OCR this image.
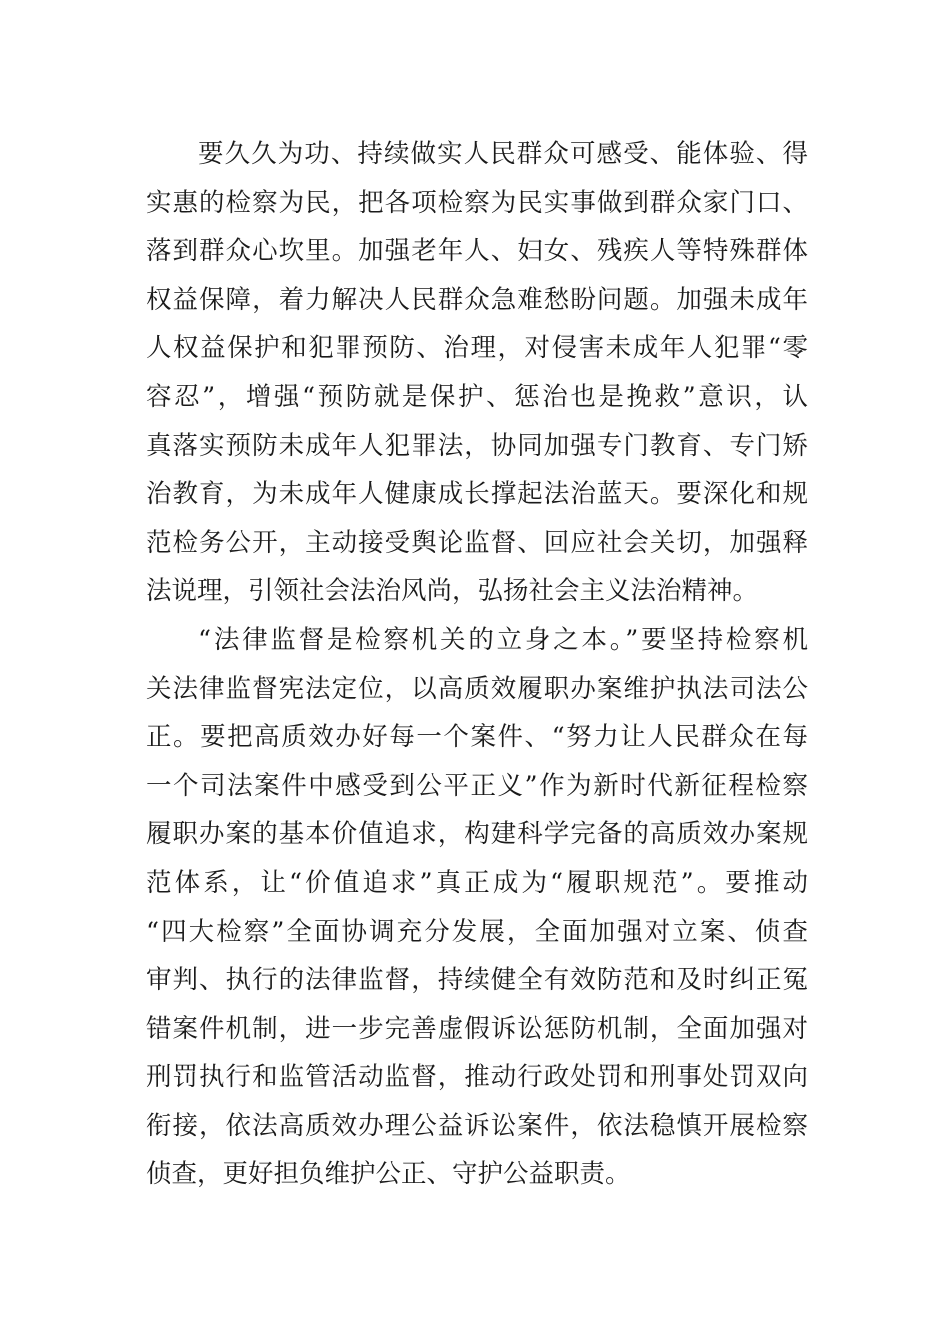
要久久为功、持续做实人民群众可感受、能体验、得
实惠的检察为民，把各项检察为民实事做到群众家门口、
落到群众心坎里。加强老年人、妇女、残疾人等特殊群体
权益保障，着力解决人民群众急难愁盼问题。加强未成年
人权益保护和犯罪预防、治理，对侵害未成年人犯罪“零
容忍”，增强“预防就是保护、惩治也是挽救”意识，认
真落实预防未成年人犯罪法，协同加强专门教育、专门矫
治教育，为未成年人健康成长撑起法治蓝天。要深化和规
范检务公开，主动接受舆论监督、回应社会关切，加强释
法说理，引领社会法治风尚，弘扬社会主义法治精神。
“法律监督是检察机关的立身之本。”要坚持检察机
关法律监督宪法定位，以高质效履职办案维护执法司法公
正。要把高质效办好每一个案件、“努力让人民群众在每
一个司法案件中感受到公平正义”作为新时代新征程检察
履职办案的基本价值追求，构建科学完备的高质效办案规
范体系，让“价值追求”真正成为“履职规范”。要推动
“四大检察”全面协调充分发展，全面加强对立案、侦查
审判、执行的法律监督，持续健全有效防范和及时纠正冤
错案件机制，进一步完善虚假诉讼惩防机制，全面加强对
刑罚执行和监管活动监督，推动行政处罚和刑事处罚双向
衔接，依法高质效办理公益诉讼案件，依法稳慎开展检察
侦查，更好担负维护公正、守护公益职责。
